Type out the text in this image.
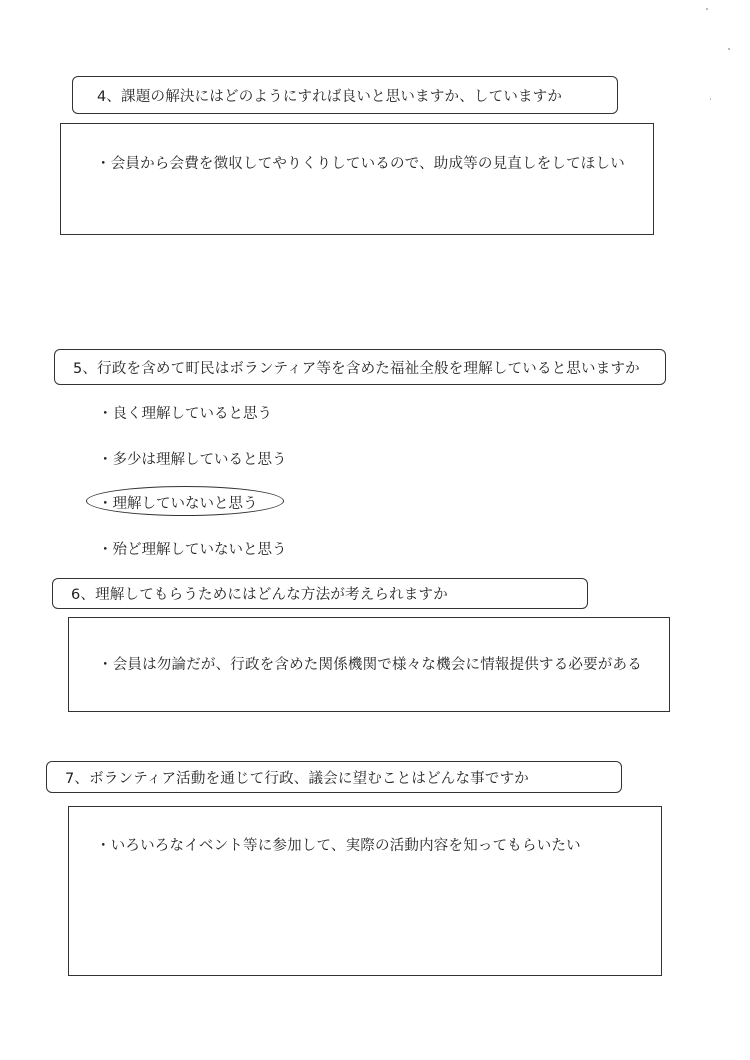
4、課題の解決にはどのようにすれば良いと思いますか、していますか
・会員から会費を徴収してやりくりしているので、助成等の見直しをしてほしい
5、行政を含めて町民はボランティア等を含めた福祉全般を理解していると思いますか
・良く理解していると思う
・多少は理解していると思う
・理解していないと思う
・殆ど理解していないと思う
6、理解してもらうためにはどんな方法が考えられますか
・会員は勿論だが、行政を含めた関係機関で様々な機会に情報提供する必要がある
7、ボランティア活動を通じて行政、議会に望むことはどんな事ですか
・いろいろなイベント等に参加して、実際の活動内容を知ってもらいたい
